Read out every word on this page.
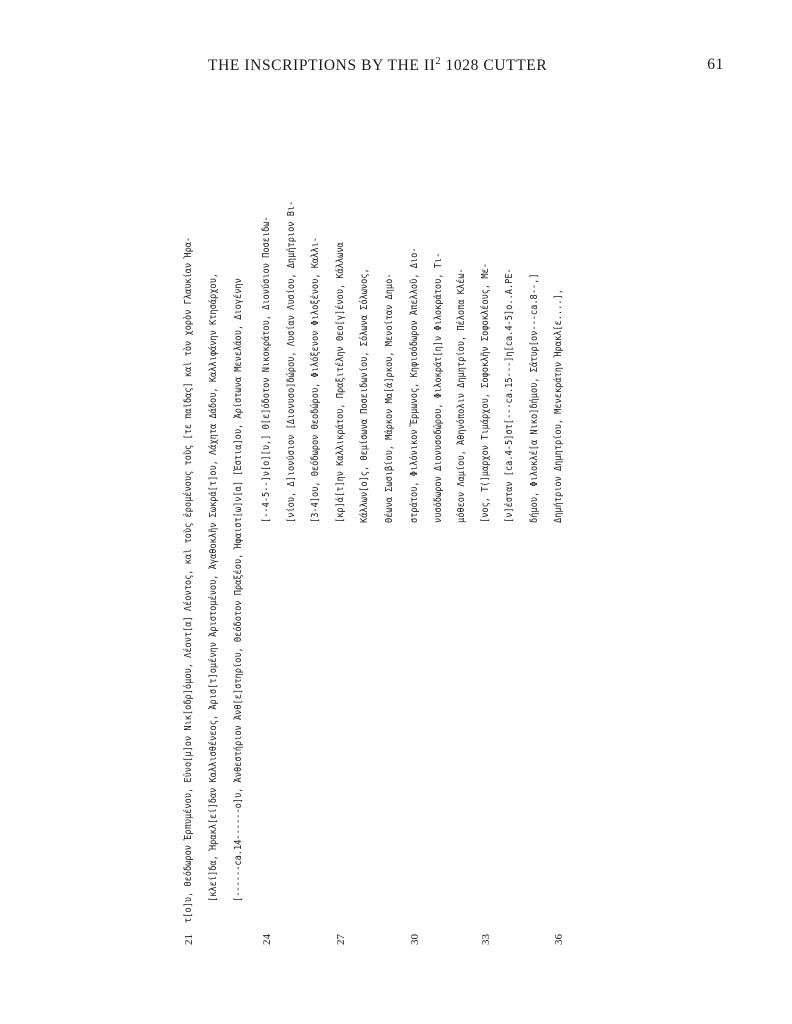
THE INSCRIPTIONS BY THE $II^2$ 1028 CUTTER	61
21	24	27	30	33	36
τ[ο]υ, Θεόδωρον Ἑρπυμένου, Εὐνο[μ]ον Νικ[οδρ]όμου, Λέοντ[α] Λέοντος, καὶ τοὺς ἐρομένους τοὺς [τε παῖδας] καὶ τὸν χορὸν Γλαυκίαν Ἡρα-	[κλεί]δα, Ἡρακλ[εί]δαν Καλλισθένεος, Ἀρισ[τ]ομένην Ἀριστομένου, Ἀγαθοκλῆν Σωκρά[τ]ου, Λάχητα Δάδου, Καλλιφάνην Κτησάρχου,	[------ca.14------ο]υ, Ἀνθεστήριον Ἀνθ[ε]στηρίου, Θεόδοτον Πραξέου, Ἡφαιστ[ω]ν[α] [Ἑστια]ου, Ἀρίστωνα Μενελάου, Διογένην	[--4-5--]ν[ο][υ,] Θ[ε]όδοτον Νικοκράτου, Διονύσιον Ποσειδω-	[νίου, Δ]ιονύσιον [Διονυσο]δώρου, Λυσίαν Λυσίου, Δημήτριον Βι-	[3-4]ου, Θεόδωρον Θεοδώρου, Φιλόξενον Φιλοξένου, Καλλι-	[κρ]ά[τ]ην Καλλικράτου, Πραξιτέλην Θεο[γ]ένου, Κάλλωνα	Κάλλων[ο]ς, Θεμίσωνα Ποσειδωνίου, Σόλωνα Σόλωνος,	Θέωνα Σωσιβίου, Μάρκον Μα[ά]ρκου, Μενοίταν Δημο-	στράτου, Φιλόνικον Ἕρμωνος, Κηφισόδωρον Ἀπελλοῦ, Διο-	νυσόδωρον Διονυσοδώρου, Φιλοκράτ[η]ν Φιλοκράτου, Τι-	μόθεον Λαμίου, Ἀθηνόπολιν Δημητρίου, Πέλοπα Κλέω-	[νος, Τ(]μαρχον Τιμάρχου, Σοφοκλῆν Σοφοκλέους, Με-	[ν]έσταν [ca.4-5]στ[---ca.15---]η[ca.4-5]ο..Α.ΡΕ-	δήμου, Φιλοκλέ[α Νικο]δήμου, Σάτυρ[ον---ca.8--,]	Δημήτριον Δημητρίου, Μενεκράτην Ἡρακλ[ε....],
